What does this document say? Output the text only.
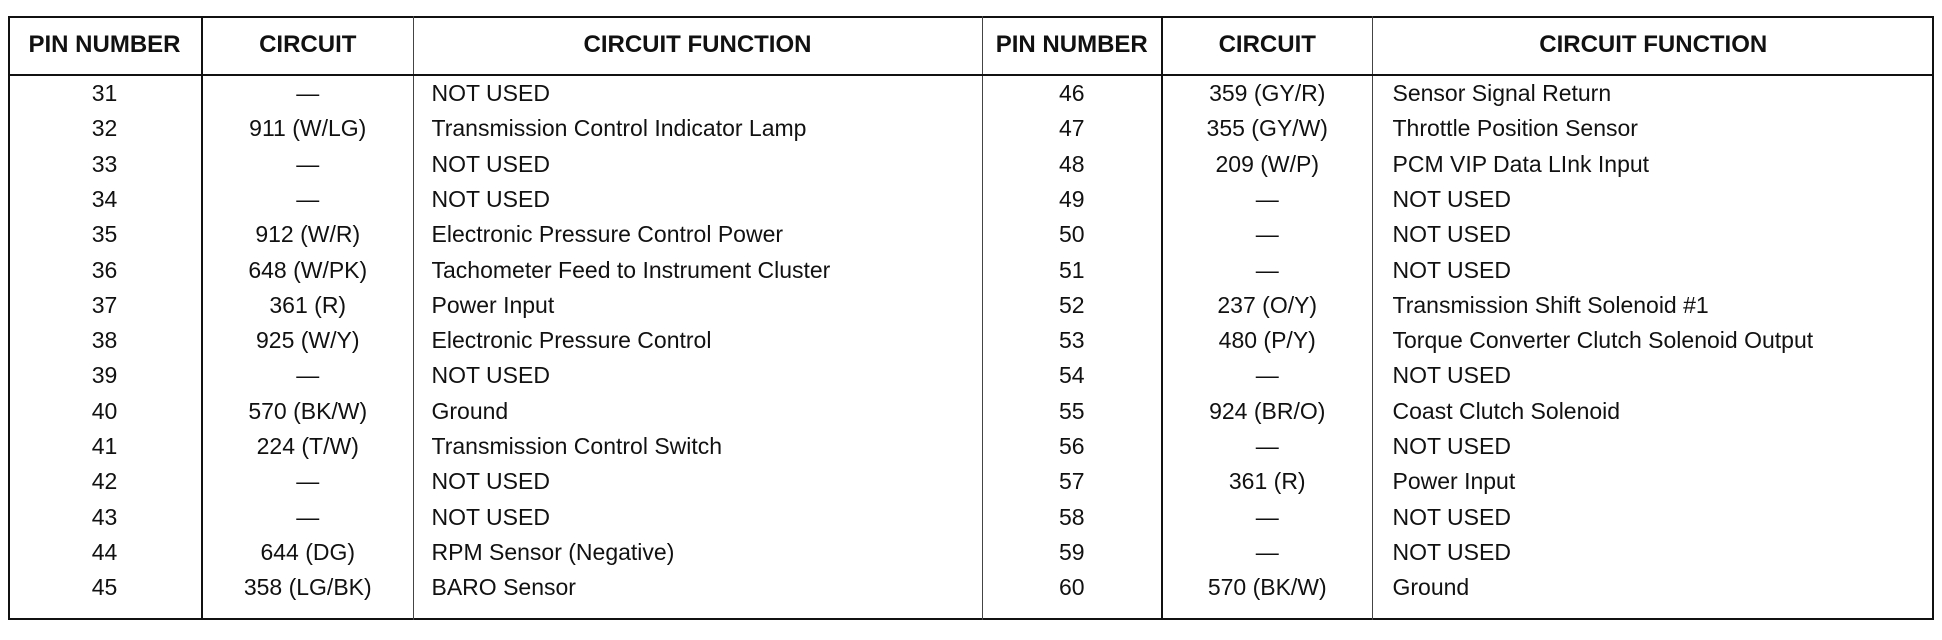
PIN NUMBER	CIRCUIT	CIRCUIT FUNCTION	PIN NUMBER	CIRCUIT	CIRCUIT FUNCTION
31	—	NOT USED	46	359 (GY/R)	Sensor Signal Return
32	911 (W/LG)	Transmission Control Indicator Lamp	47	355 (GY/W)	Throttle Position Sensor
33	—	NOT USED	48	209 (W/P)	PCM VIP Data LInk Input
34	—	NOT USED	49	—	NOT USED
35	912 (W/R)	Electronic Pressure Control Power	50	—	NOT USED
36	648 (W/PK)	Tachometer Feed to Instrument Cluster	51	—	NOT USED
37	361 (R)	Power Input	52	237 (O/Y)	Transmission Shift Solenoid #1
38	925 (W/Y)	Electronic Pressure Control	53	480 (P/Y)	Torque Converter Clutch Solenoid Output
39	—	NOT USED	54	—	NOT USED
40	570 (BK/W)	Ground	55	924 (BR/O)	Coast Clutch Solenoid
41	224 (T/W)	Transmission Control Switch	56	—	NOT USED
42	—	NOT USED	57	361 (R)	Power Input
43	—	NOT USED	58	—	NOT USED
44	644 (DG)	RPM Sensor (Negative)	59	—	NOT USED
45	358 (LG/BK)	BARO Sensor	60	570 (BK/W)	Ground
